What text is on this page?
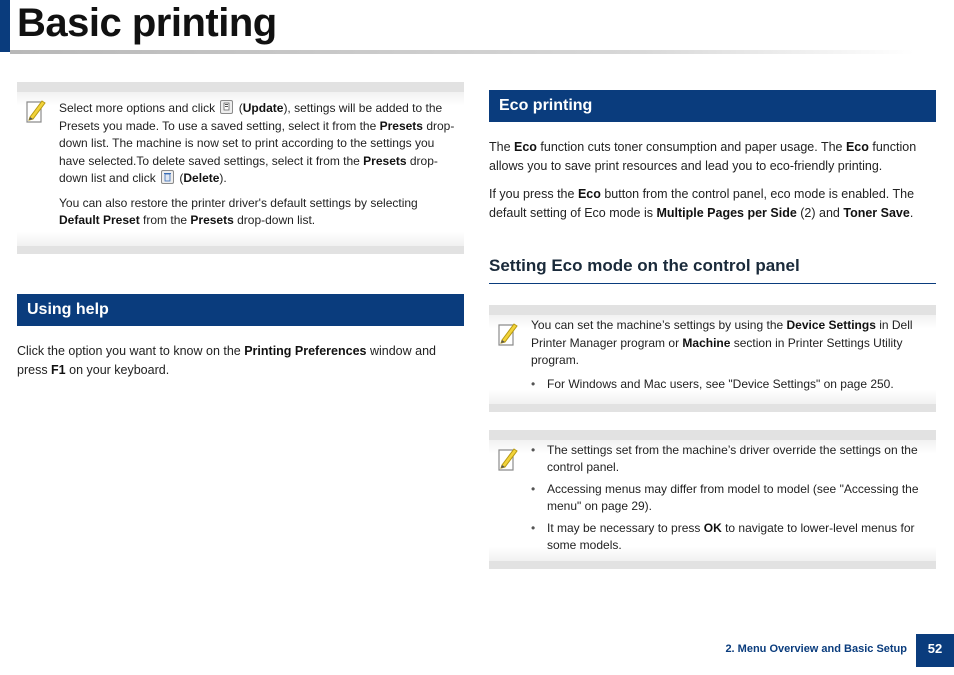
Basic printing

Select more options and click
(Update), settings will be added to the Presets you made. To use a saved setting, select it from the Presets drop-down list. The machine is now set to print according to the settings you have selected.To delete saved settings, select it from the Presets drop-down list and click
(Delete).

You can also restore the printer driver's default settings by selecting Default Preset from the Presets drop-down list.

Using help

Click the option you want to know on the Printing Preferences window and press F1 on your keyboard.

Eco printing

The Eco function cuts toner consumption and paper usage. The Eco function allows you to save print resources and lead you to eco-friendly printing.

If you press the Eco button from the control panel, eco mode is enabled. The default setting of Eco mode is Multiple Pages per Side (2) and Toner Save.

Setting Eco mode on the control panel

You can set the machine’s settings by using the Device Settings in Dell Printer Manager program or Machine section in Printer Settings Utility program.

• For Windows and Mac users, see "Device Settings" on page 250.
• The settings set from the machine’s driver override the settings on the control panel.
• Accessing menus may differ from model to model (see "Accessing the menu" on page 29).
• It may be necessary to press OK to navigate to lower-level menus for some models.
2. Menu Overview and Basic Setup	52
